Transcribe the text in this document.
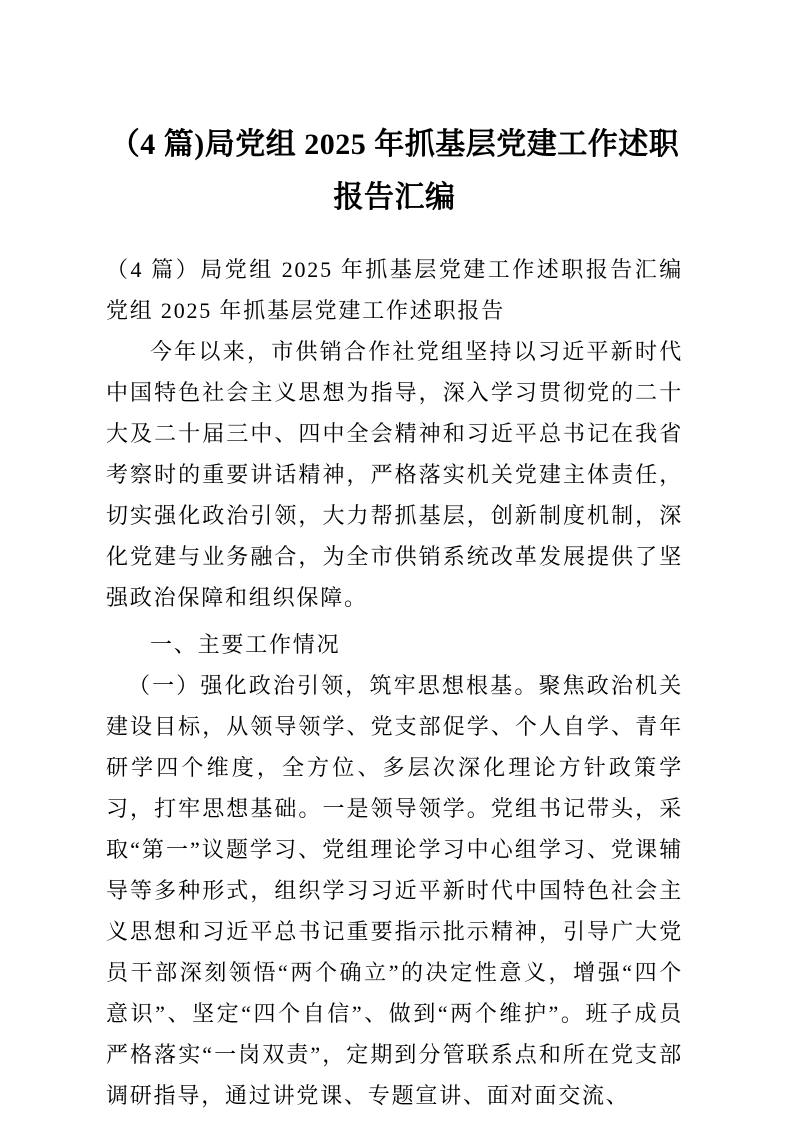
（4 篇)局党组 2025 年抓基层党建工作述职
报告汇编

（4 篇）局党组 2025 年抓基层党建工作述职报告汇编党组 2025 年抓基层党建工作述职报告

今年以来，市供销合作社党组坚持以习近平新时代中国特色社会主义思想为指导，深入学习贯彻党的二十大及二十届三中、四中全会精神和习近平总书记在我省考察时的重要讲话精神，严格落实机关党建主体责任，切实强化政治引领，大力帮抓基层，创新制度机制，深化党建与业务融合，为全市供销系统改革发展提供了坚强政治保障和组织保障。

一、主要工作情况

（一）强化政治引领，筑牢思想根基。聚焦政治机关建设目标，从领导领学、党支部促学、个人自学、青年研学四个维度，全方位、多层次深化理论方针政策学习，打牢思想基础。一是领导领学。党组书记带头，采取“第一”议题学习、党组理论学习中心组学习、党课辅导等多种形式，组织学习习近平新时代中国特色社会主义思想和习近平总书记重要指示批示精神，引导广大党员干部深刻领悟“两个确立”的决定性意义，增强“四个意识”、坚定“四个自信”、做到“两个维护”。班子成员严格落实“一岗双责”，定期到分管联系点和所在党支部调研指导，通过讲党课、专题宣讲、面对面交流、
